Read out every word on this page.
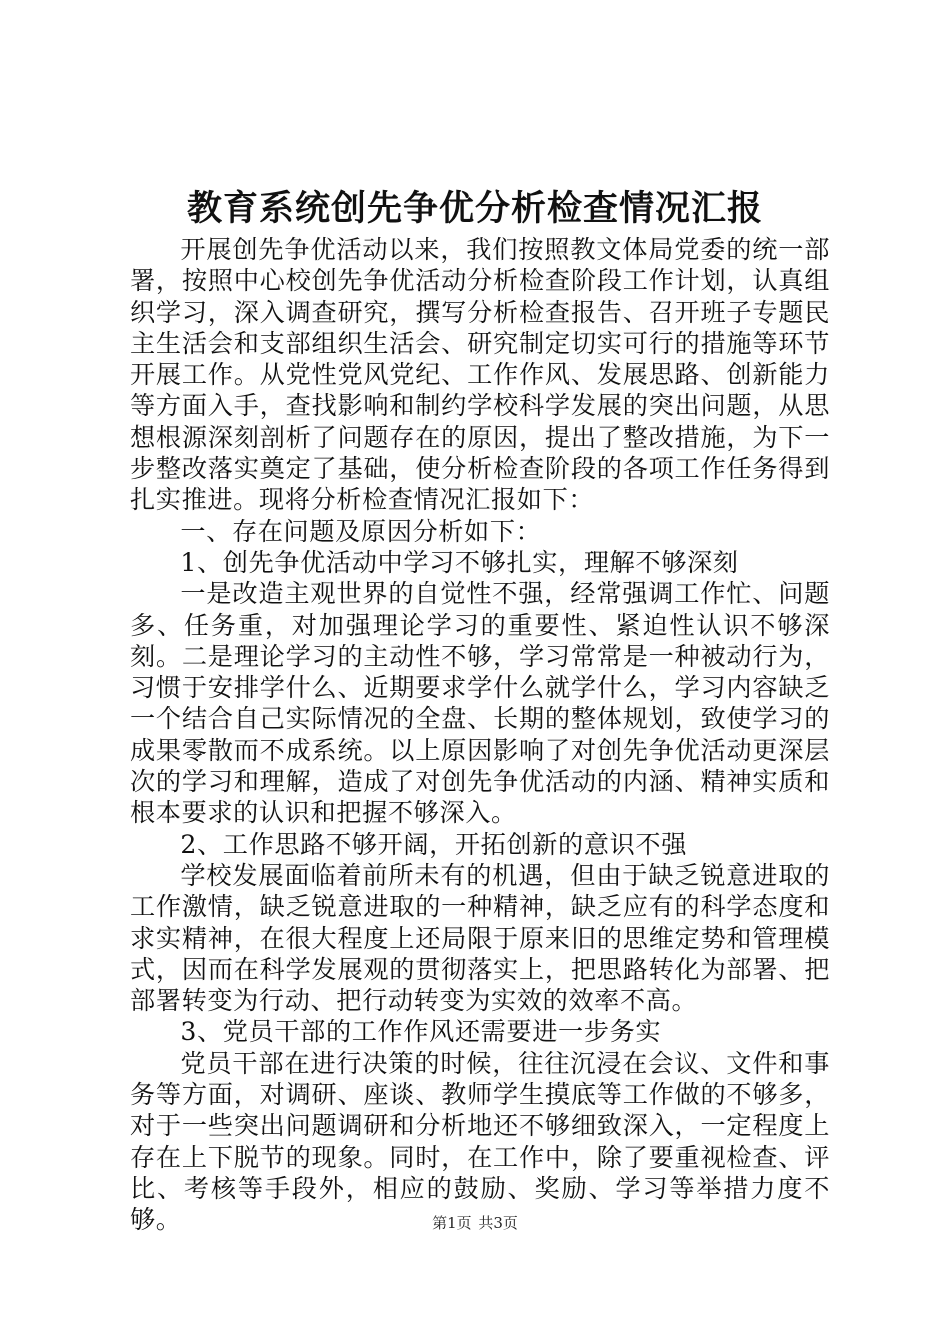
教育系统创先争优分析检查情况汇报

开展创先争优活动以来，我们按照教文体局党委的统一部署，按照中心校创先争优活动分析检查阶段工作计划，认真组织学习，深入调查研究，撰写分析检查报告、召开班子专题民主生活会和支部组织生活会、研究制定切实可行的措施等环节开展工作。从党性党风党纪、工作作风、发展思路、创新能力等方面入手，查找影响和制约学校科学发展的突出问题，从思想根源深刻剖析了问题存在的原因，提出了整改措施，为下一步整改落实奠定了基础，使分析检查阶段的各项工作任务得到扎实推进。现将分析检查情况汇报如下：

一、存在问题及原因分析如下：

1、创先争优活动中学习不够扎实，理解不够深刻

一是改造主观世界的自觉性不强，经常强调工作忙、问题多、任务重，对加强理论学习的重要性、紧迫性认识不够深刻。二是理论学习的主动性不够，学习常常是一种被动行为，习惯于安排学什么、近期要求学什么就学什么，学习内容缺乏一个结合自己实际情况的全盘、长期的整体规划，致使学习的成果零散而不成系统。以上原因影响了对创先争优活动更深层次的学习和理解，造成了对创先争优活动的内涵、精神实质和根本要求的认识和把握不够深入。

2、工作思路不够开阔，开拓创新的意识不强

学校发展面临着前所未有的机遇，但由于缺乏锐意进取的工作激情，缺乏锐意进取的一种精神，缺乏应有的科学态度和求实精神，在很大程度上还局限于原来旧的思维定势和管理模式，因而在科学发展观的贯彻落实上，把思路转化为部署、把部署转变为行动、把行动转变为实效的效率不高。

3、党员干部的工作作风还需要进一步务实

党员干部在进行决策的时候，往往沉浸在会议、文件和事务等方面，对调研、座谈、教师学生摸底等工作做的不够多，对于一些突出问题调研和分析地还不够细致深入，一定程度上存在上下脱节的现象。同时，在工作中，除了要重视检查、评比、考核等手段外，相应的鼓励、奖励、学习等举措力度不够。	第1页 共3页
